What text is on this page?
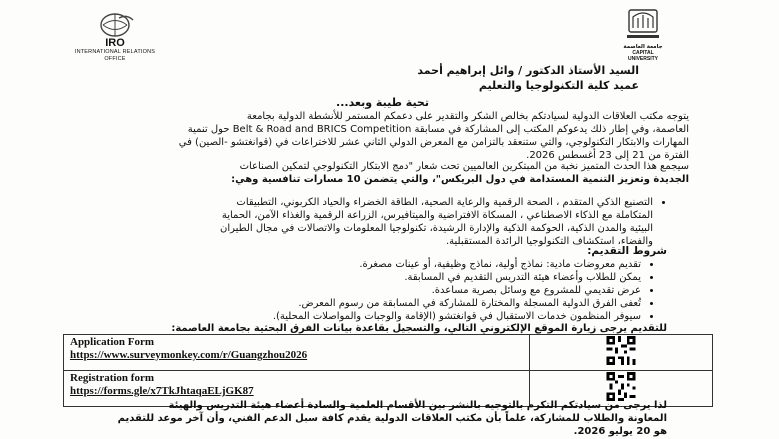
IRO
INTERNATIONAL RELATIONS
OFFICE
جامعة العاصمة
CAPITAL UNIVERSITY
السيد الأستاذ الدكتور / وائل إبراهيم أحمد
عميد كلية التكنولوجيا والتعليم
تحية طيبة وبعد...
يتوجه مكتب العلاقات الدولية لسيادتكم بخالص الشكر والتقدير على دعمكم المستمر للأنشطة الدولية بجامعة
العاصمة، وفي إطار ذلك يدعوكم المكتب إلى المشاركة في مسابقة Belt & Road and BRICS Competition حول تنمية
المهارات والابتكار التكنولوجي، والتي ستنعقد بالتزامن مع المعرض الدولي الثاني عشر للاختراعات في (قوانغتشو -الصين) في
الفترة من 21 إلى 23 أغسطس 2026.
سيجمع هذا الحدث المتميز نخبة من المبتكرين العالميين تحت شعار "دمج الابتكار التكنولوجي لتمكين الصناعات
الجديدة وتعزيز التنمية المستدامة في دول البريكس"، والتي يتضمن 10 مسارات تنافسية وهي:
• التصنيع الذكي المتقدم ، الصحة الرقمية والرعاية الصحية، الطاقة الخضراء والحياد الكربوني، التطبيقات
المتكاملة مع الذكاء الاصطناعي ، المسكاة الافتراضية والميتافيرس، الزراعة الرقمية والغذاء الآمن، الحماية
البيئية والمدن الذكية، الحوكمة الذكية والإدارة الرشيدة، تكنولوجيا المعلومات والاتصالات في مجال الطيران
والفضاء، استكشاف التكنولوجيا الرائدة المستقبلية.
شروط التقديم:
• تقديم معروضات مادية: نماذج أولية، نماذج وظيفية، أو عينات مصغرة.
• يمكن للطلاب وأعضاء هيئة التدريس التقديم في المسابقة.
• عرض تقديمي للمشروع مع وسائل بصرية مساعدة.
• تُعفى الفرق الدولية المسجلة والمختارة للمشاركة في المسابقة من رسوم المعرض.
• سيوفر المنظمون خدمات الاستقبال في قوانغتشو (الإقامة والوجبات والمواصلات المحلية).
للتقديم يرجى زيارة الموقع الإلكتروني التالي، والتسجيل بقاعدة بيانات الفرق البحثية بجامعة العاصمة:
Application Form
https://www.surveymonkey.com/r/Guangzhou2026

Registration form
https://forms.gle/x7TkJhtaqaELjGK87

لذا يرجى من سيادتكم التكرم بالتوجيه بالنشر بين الأقسام العلمية والسادة أعضاء هيئة التدريس والهيئة
المعاونة والطلاب للمشاركة، علماً بأن مكتب العلاقات الدولية يقدم كافة سبل الدعم الفني، وأن آخر موعد للتقديم
هو 20 يوليو 2026.
